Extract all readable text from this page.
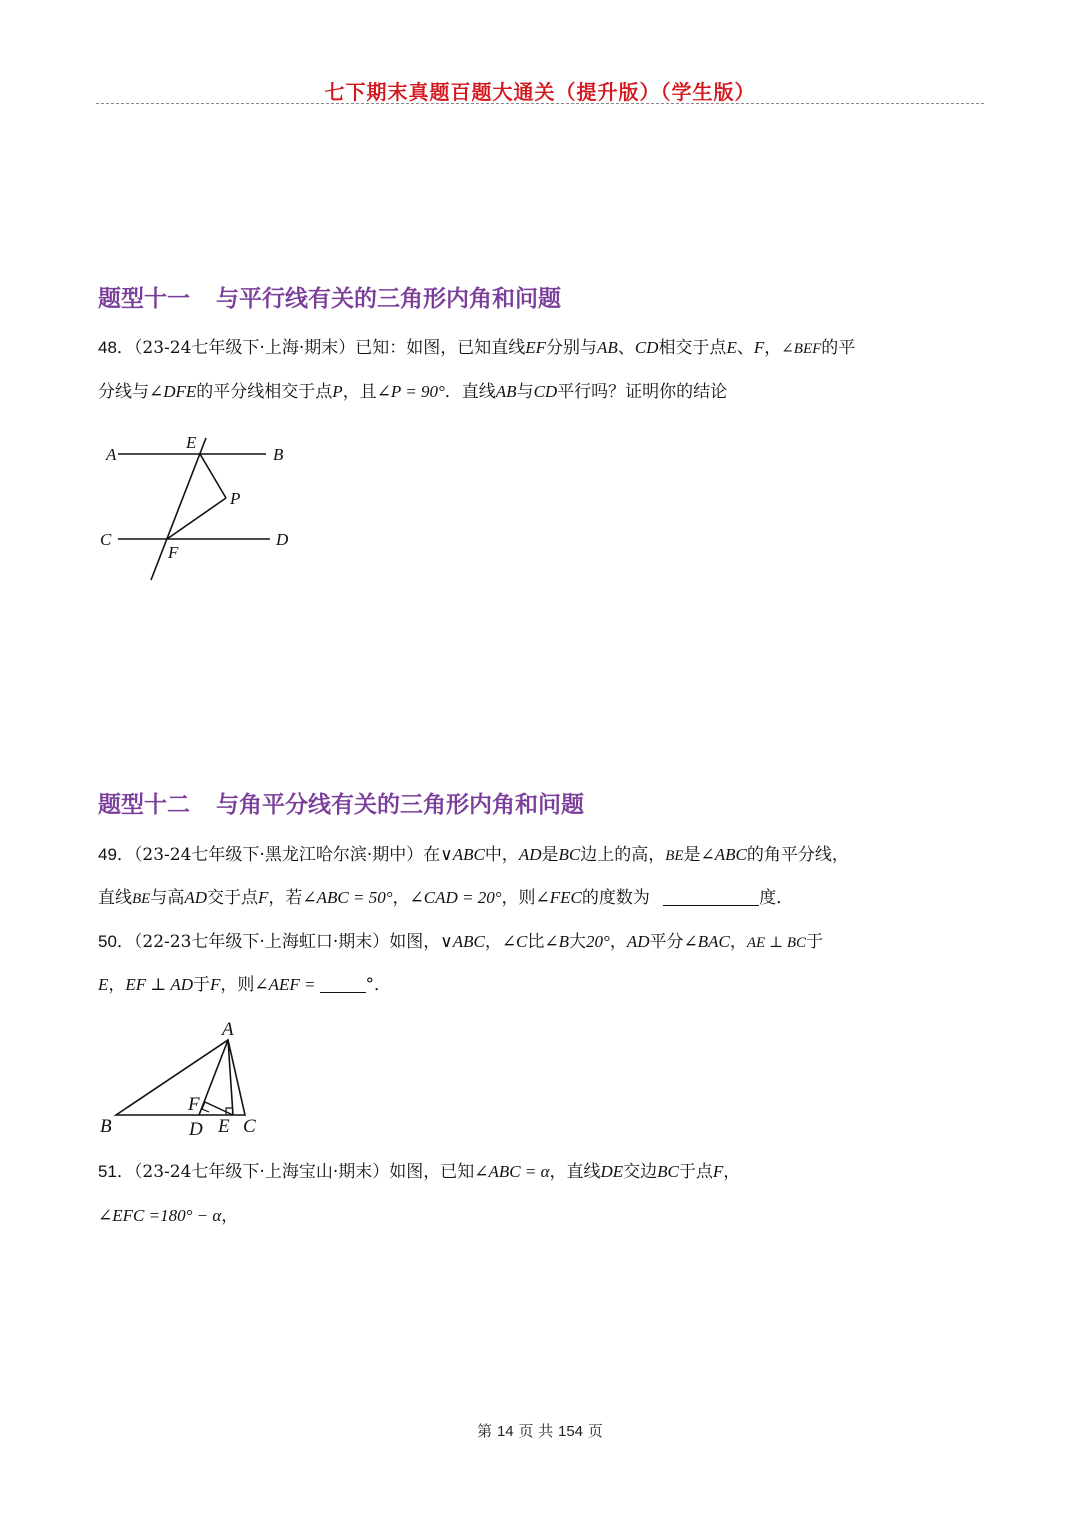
七下期末真题百题大通关（提升版）（学生版）
题型十一 与平行线有关的三角形内角和问题
48．（23-24七年级下·上海·期末）已知：如图，已知直线EF分别与AB、CD相交于点E、F，∠BEF的平
分线与∠DFE的平分线相交于点P，且∠P = 90°．直线AB与CD平行吗？证明你的结论
A
E
B
P
C	D
F
题型十二 与角平分线有关的三角形内角和问题
49．（23-24七年级下·黑龙江哈尔滨·期中）在∨ABC中，AD是BC边上的高，BE是∠ABC的角平分线，
直线BE与高AD交于点F，若∠ABC = 50°，∠CAD = 20°，则∠FEC的度数为	度．
50．（22-23七年级下·上海虹口·期末）如图，∨ABC，∠C比∠B大20°，AD平分∠BAC，AE ⊥ BC于
E，EF ⊥ AD于F，则∠AEF =	°．
A
B
F
D E C
51．（23-24七年级下·上海宝山·期末）如图，已知∠ABC = α，直线DE交边BC于点F，
∠EFC =180° − α，
第 14 页 共 154 页
